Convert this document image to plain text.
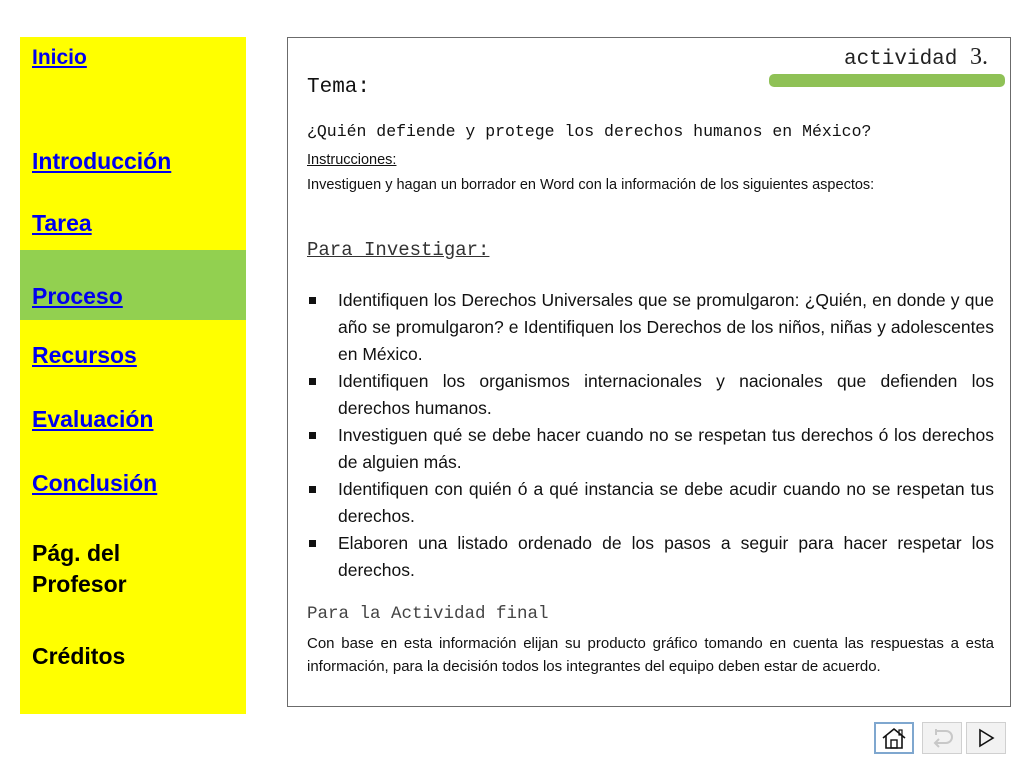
Inicio
Introducción
Tarea
Proceso
Recursos
Evaluación
Conclusión
Pág. del
Profesor
Créditos
actividad 3.
Tema:
¿Quién defiende y protege los derechos humanos en México?
Instrucciones:
Investiguen y hagan un borrador en Word con la información de los siguientes aspectos:
Para Investigar:
Identifiquen los Derechos Universales que se promulgaron: ¿Quién, en donde y que año se promulgaron? e Identifiquen los Derechos de los niños, niñas y adolescentes en México.
Identifiquen los organismos internacionales y nacionales que defienden los derechos humanos.
Investiguen qué se debe hacer cuando no se respetan tus derechos ó los derechos de alguien más.
Identifiquen con quién ó a qué instancia se debe acudir cuando no se respetan tus derechos.
Elaboren una listado ordenado de los pasos a seguir para hacer respetar los derechos.
Para la Actividad final
Con base en esta información elijan su producto gráfico tomando en cuenta las respuestas a esta información, para la decisión todos los integrantes del equipo deben estar de acuerdo.
